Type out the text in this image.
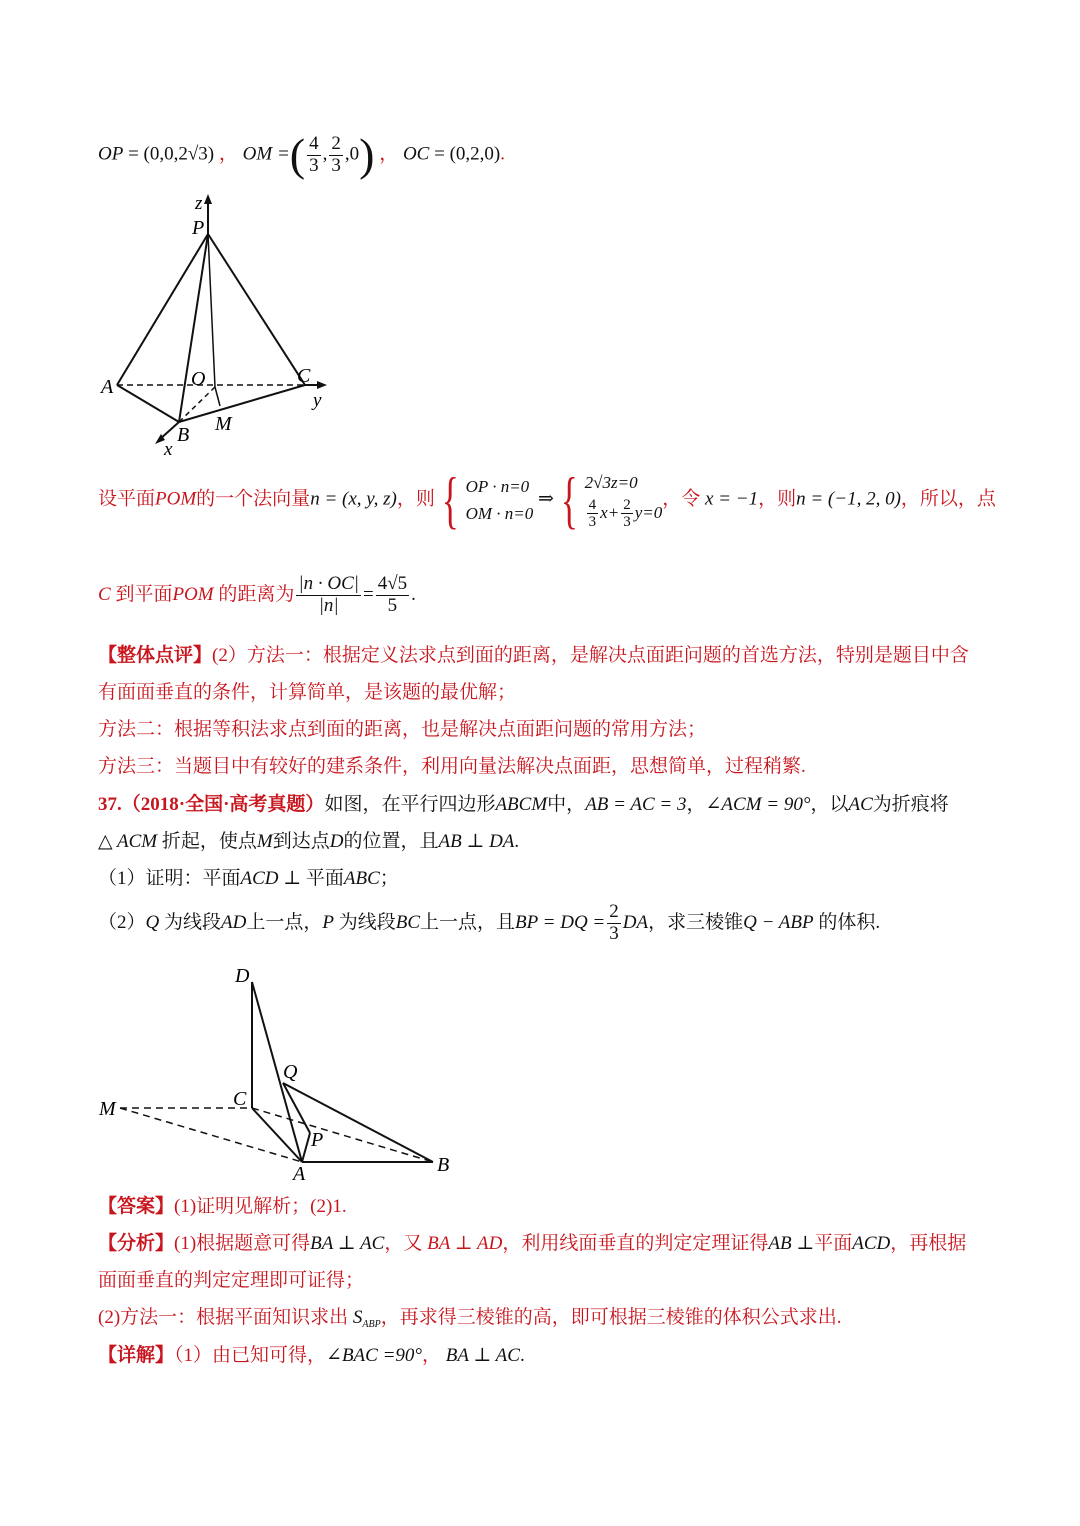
OP = (0,0,2√3) ， OM =( $\frac{4}{3}$ , $\frac{2}{3} ,0$) ， OC = (0,2,0).
z
P
A	O	C
y
B M
x
设平面POM的一个法向量n = (x, y, z)，则 { OP · n=0
OM · n=0
⇒ { 2√3z=0
$\frac{4}{3} x+ \frac{2}{3} y=0$
，令 x = −1，则n = (−1, 2, 0)，所以，点
C 到平面POM 的距离为 $\frac{|n \cdot OC|}{|n|} = \frac{4√5}{5}$ .
【整体点评】(2）方法一：根据定义法求点到面的距离，是解决点面距问题的首选方法，特别是题目中含
有面面垂直的条件，计算简单，是该题的最优解；
方法二：根据等积法求点到面的距离，也是解决点面距问题的常用方法；
方法三：当题目中有较好的建系条件，利用向量法解决点面距，思想简单，过程稍繁.
37.（2018·全国·高考真题）如图，在平行四边形ABCM中，AB = AC = 3，∠ACM = 90°，以AC为折痕将
△ ACM 折起，使点M到达点D的位置，且AB ⊥ DA.
（1）证明：平面ACD ⊥ 平面ABC；
（2）Q 为线段AD上一点，P 为线段BC上一点，且BP = DQ = $\frac{2}{3}$ DA，求三棱锥Q − ABP 的体积.
D
Q
M	C
P
A	B
【答案】(1)证明见解析；(2)1.
【分析】(1)根据题意可得BA ⊥ AC，又 BA ⊥ AD，利用线面垂直的判定定理证得AB ⊥平面ACD，再根据
面面垂直的判定定理即可证得；
(2)方法一：根据平面知识求出 $S_{ABP}$，再求得三棱锥的高，即可根据三棱锥的体积公式求出.
【详解】（1）由已知可得，∠BAC =90°， BA ⊥ AC.
